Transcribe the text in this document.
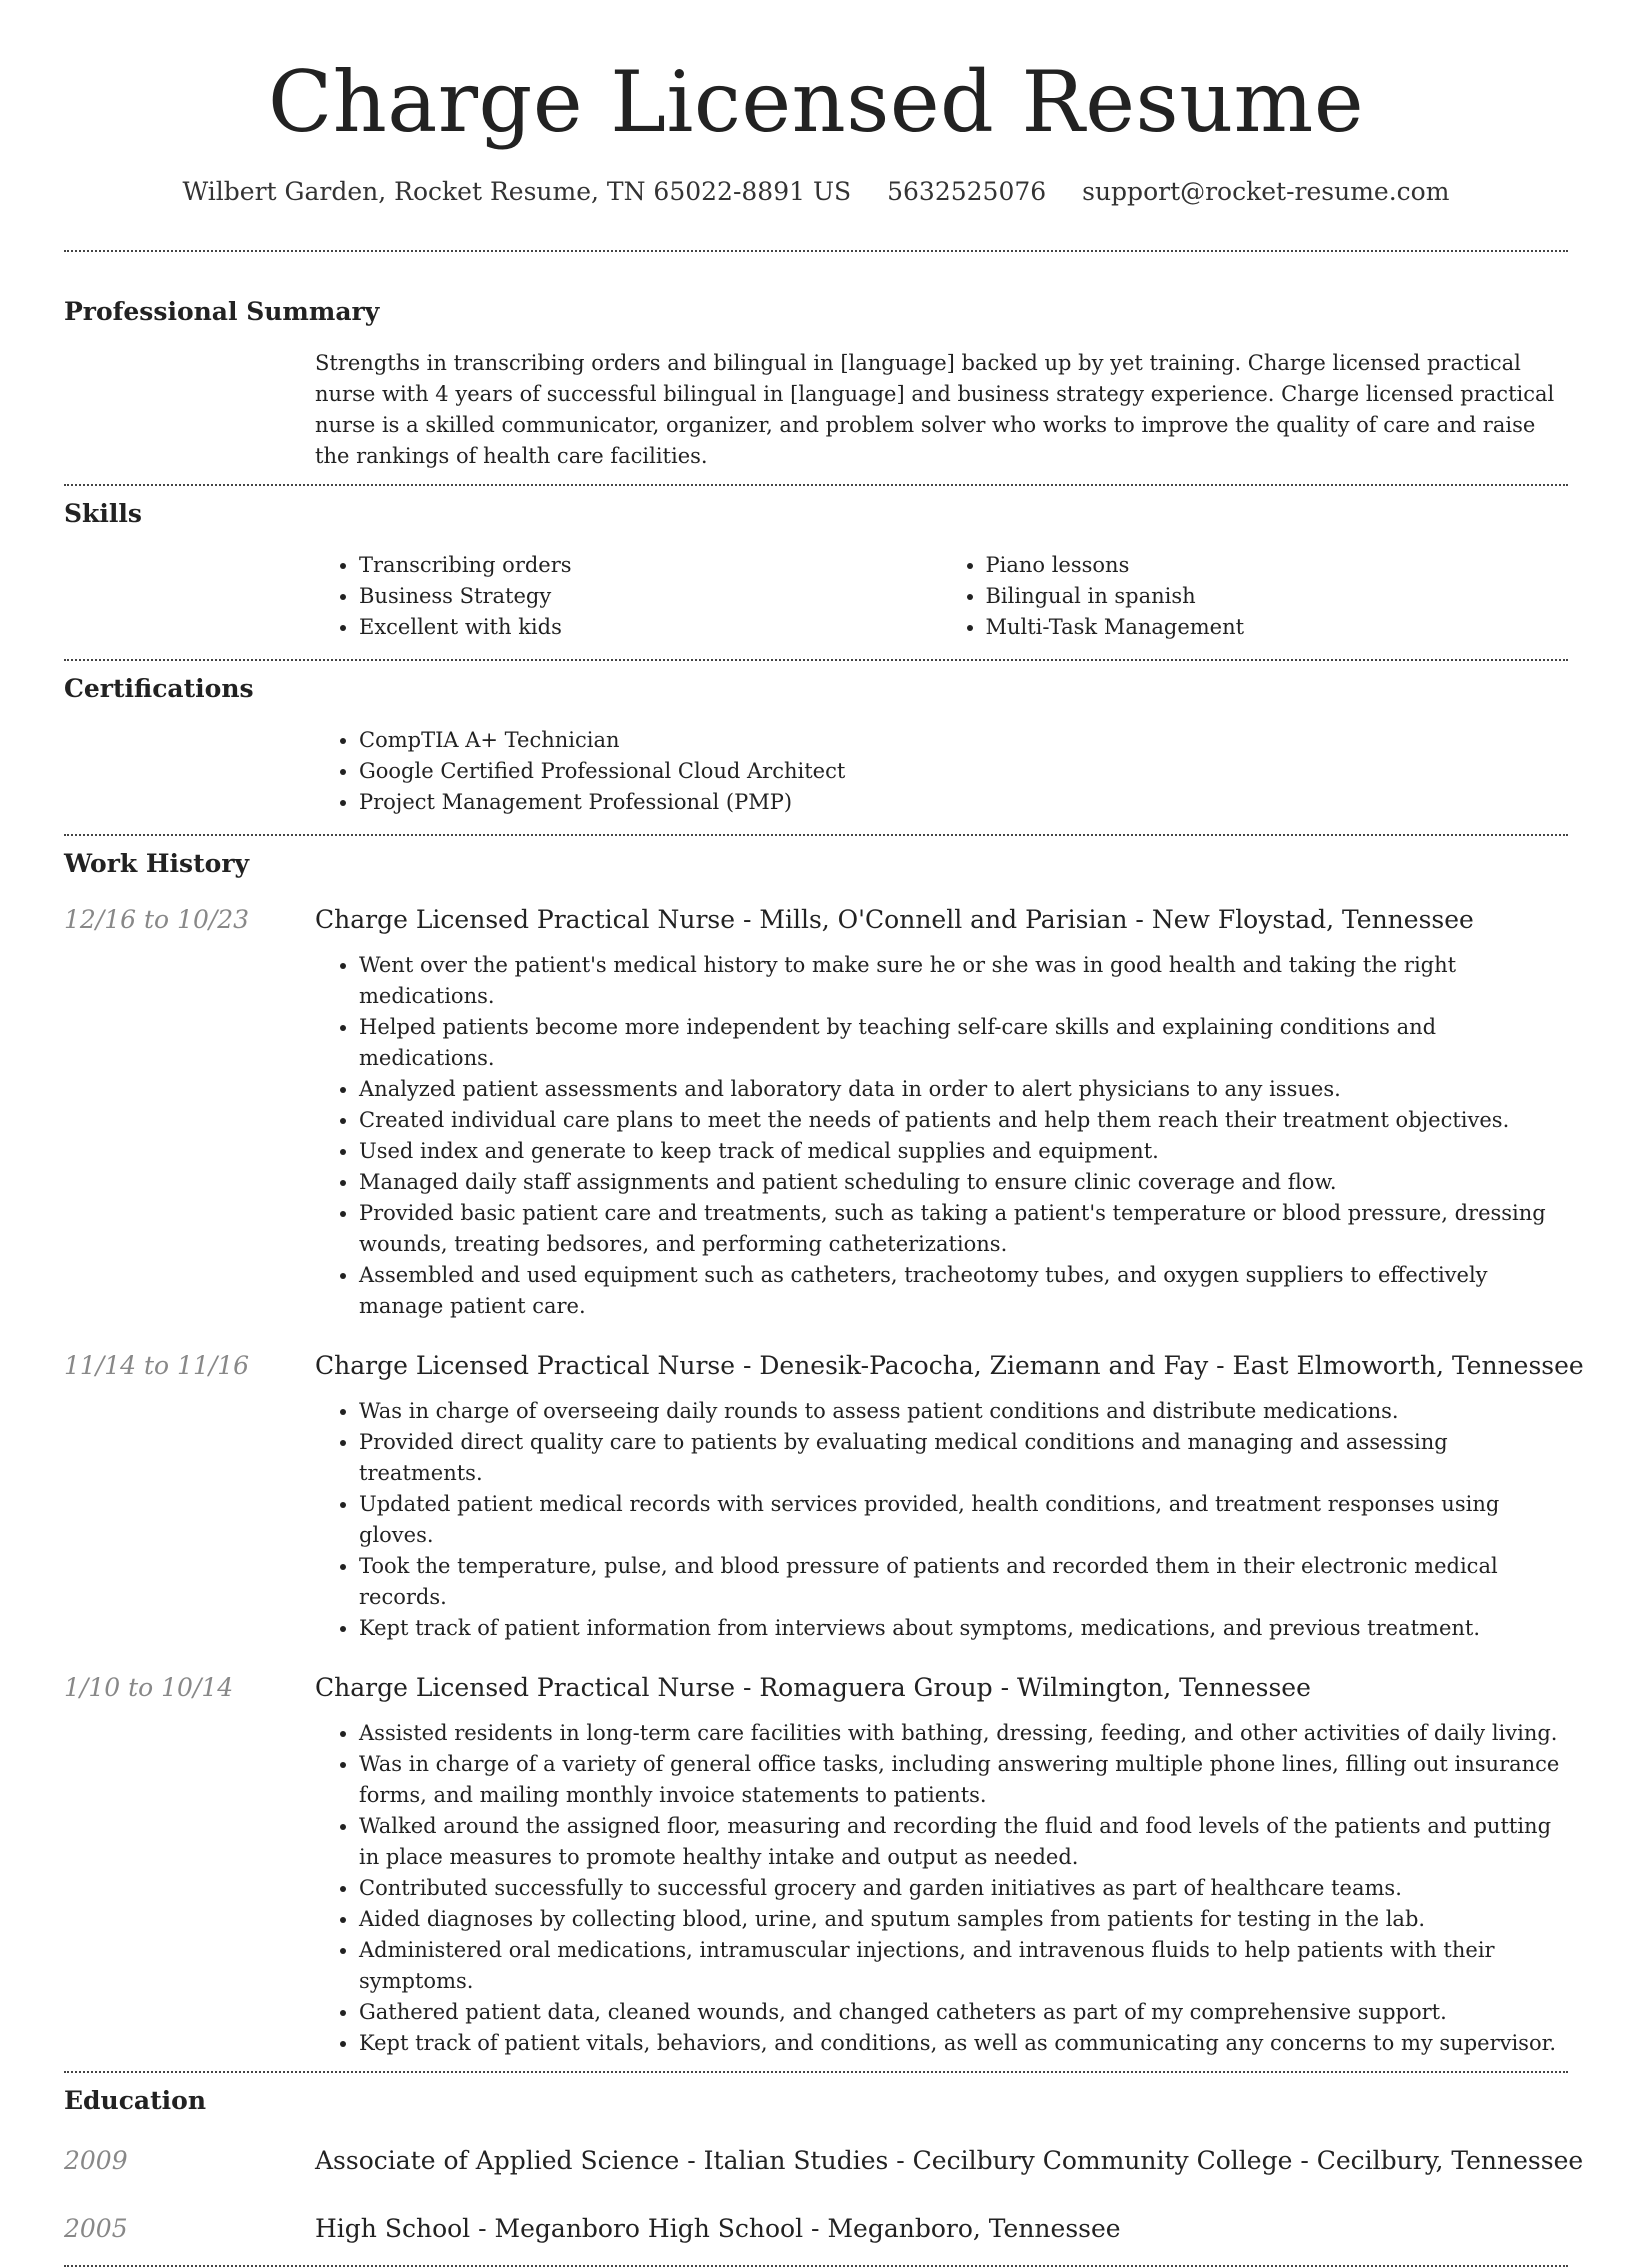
Charge Licensed Resume
Wilbert Garden, Rocket Resume, TN 65022-8891 US 5632525076 support@rocket-resume.com
Professional Summary
Strengths in transcribing orders and bilingual in [language] backed up by yet training. Charge licensed practical nurse with 4 years of successful bilingual in [language] and business strategy experience. Charge licensed practical nurse is a skilled communicator, organizer, and problem solver who works to improve the quality of care and raise the rankings of health care facilities.
Skills
• Transcribing orders
• Business Strategy
• Excellent with kids
• Piano lessons
• Bilingual in spanish
• Multi-Task Management
Certifications
• CompTIA A+ Technician
• Google Certified Professional Cloud Architect
• Project Management Professional (PMP)
Work History
12/16 to 10/23	Charge Licensed Practical Nurse - Mills, O'Connell and Parisian - New Floystad, Tennessee
• Went over the patient's medical history to make sure he or she was in good health and taking the right medications.
• Helped patients become more independent by teaching self-care skills and explaining conditions and medications.
• Analyzed patient assessments and laboratory data in order to alert physicians to any issues.
• Created individual care plans to meet the needs of patients and help them reach their treatment objectives.
• Used index and generate to keep track of medical supplies and equipment.
• Managed daily staff assignments and patient scheduling to ensure clinic coverage and flow.
• Provided basic patient care and treatments, such as taking a patient's temperature or blood pressure, dressing wounds, treating bedsores, and performing catheterizations.
• Assembled and used equipment such as catheters, tracheotomy tubes, and oxygen suppliers to effectively manage patient care.
11/14 to 11/16	Charge Licensed Practical Nurse - Denesik-Pacocha, Ziemann and Fay - East Elmoworth, Tennessee
• Was in charge of overseeing daily rounds to assess patient conditions and distribute medications.
• Provided direct quality care to patients by evaluating medical conditions and managing and assessing treatments.
• Updated patient medical records with services provided, health conditions, and treatment responses using gloves.
• Took the temperature, pulse, and blood pressure of patients and recorded them in their electronic medical records.
• Kept track of patient information from interviews about symptoms, medications, and previous treatment.
1/10 to 10/14	Charge Licensed Practical Nurse - Romaguera Group - Wilmington, Tennessee
• Assisted residents in long-term care facilities with bathing, dressing, feeding, and other activities of daily living.
• Was in charge of a variety of general office tasks, including answering multiple phone lines, filling out insurance forms, and mailing monthly invoice statements to patients.
• Walked around the assigned floor, measuring and recording the fluid and food levels of the patients and putting in place measures to promote healthy intake and output as needed.
• Contributed successfully to successful grocery and garden initiatives as part of healthcare teams.
• Aided diagnoses by collecting blood, urine, and sputum samples from patients for testing in the lab.
• Administered oral medications, intramuscular injections, and intravenous fluids to help patients with their symptoms.
• Gathered patient data, cleaned wounds, and changed catheters as part of my comprehensive support.
• Kept track of patient vitals, behaviors, and conditions, as well as communicating any concerns to my supervisor.
Education
2009	Associate of Applied Science - Italian Studies - Cecilbury Community College - Cecilbury, Tennessee
2005	High School - Meganboro High School - Meganboro, Tennessee
